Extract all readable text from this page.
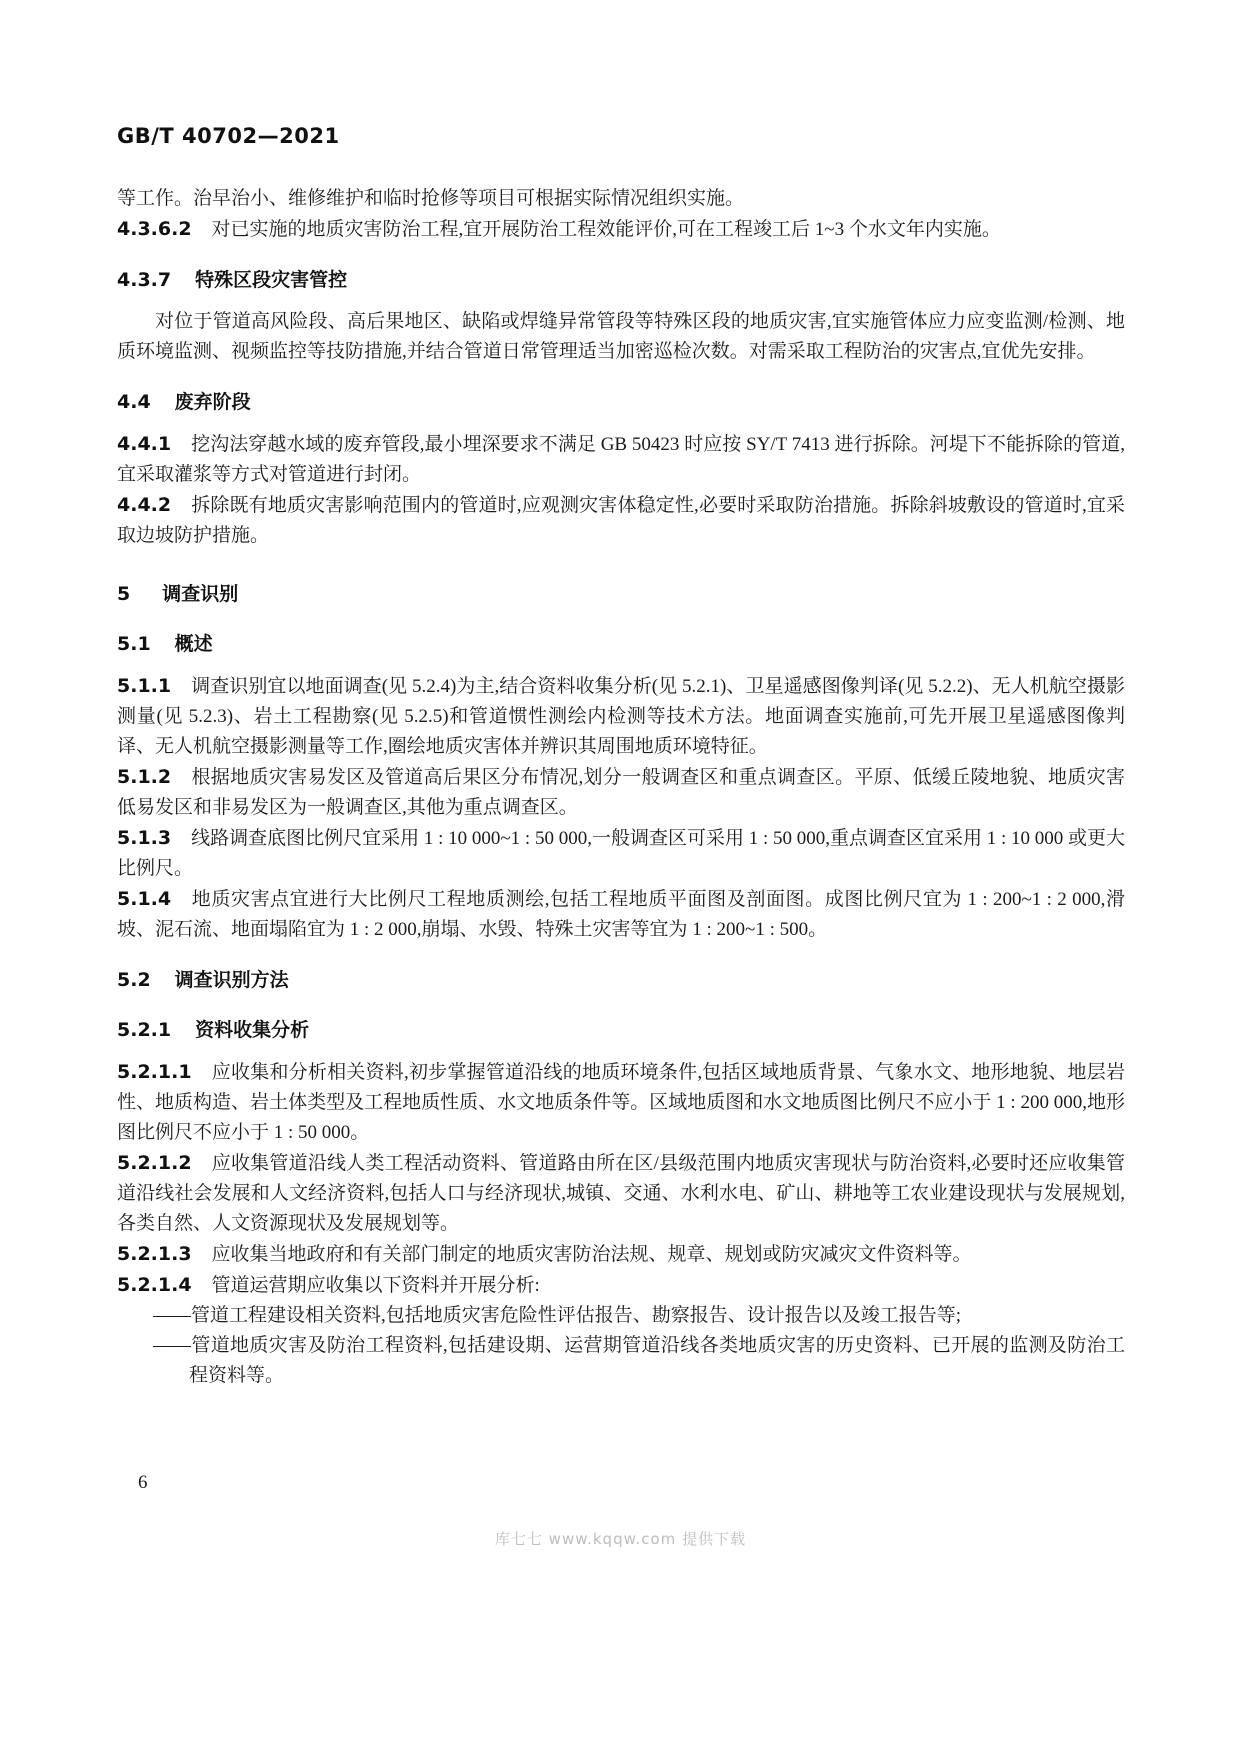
GB/T 40702—2021

等工作。治早治小、维修维护和临时抢修等项目可根据实际情况组织实施。

4.3.6.2 对已实施的地质灾害防治工程,宜开展防治工程效能评价,可在工程竣工后 1~3 个水文年内实施。

4.3.7 特殊区段灾害管控

对位于管道高风险段、高后果地区、缺陷或焊缝异常管段等特殊区段的地质灾害,宜实施管体应力应变监测/检测、地质环境监测、视频监控等技防措施,并结合管道日常管理适当加密巡检次数。对需采取工程防治的灾害点,宜优先安排。

4.4 废弃阶段

4.4.1 挖沟法穿越水域的废弃管段,最小埋深要求不满足 GB 50423 时应按 SY/T 7413 进行拆除。河堤下不能拆除的管道,宜采取灌浆等方式对管道进行封闭。

4.4.2 拆除既有地质灾害影响范围内的管道时,应观测灾害体稳定性,必要时采取防治措施。拆除斜坡敷设的管道时,宜采取边坡防护措施。

5 调查识别
5.1 概述

5.1.1 调查识别宜以地面调查(见 5.2.4)为主,结合资料收集分析(见 5.2.1)、卫星遥感图像判译(见 5.2.2)、无人机航空摄影测量(见 5.2.3)、岩土工程勘察(见 5.2.5)和管道惯性测绘内检测等技术方法。地面调查实施前,可先开展卫星遥感图像判译、无人机航空摄影测量等工作,圈绘地质灾害体并辨识其周围地质环境特征。

5.1.2 根据地质灾害易发区及管道高后果区分布情况,划分一般调查区和重点调查区。平原、低缓丘陵地貌、地质灾害低易发区和非易发区为一般调查区,其他为重点调查区。

5.1.3 线路调查底图比例尺宜采用 1 : 10 000~1 : 50 000,一般调查区可采用 1 : 50 000,重点调查区宜采用 1 : 10 000 或更大比例尺。

5.1.4 地质灾害点宜进行大比例尺工程地质测绘,包括工程地质平面图及剖面图。成图比例尺宜为 1 : 200~1 : 2 000,滑坡、泥石流、地面塌陷宜为 1 : 2 000,崩塌、水毁、特殊土灾害等宜为 1 : 200~1 : 500。

5.2 调查识别方法
5.2.1 资料收集分析

5.2.1.1 应收集和分析相关资料,初步掌握管道沿线的地质环境条件,包括区域地质背景、气象水文、地形地貌、地层岩性、地质构造、岩土体类型及工程地质性质、水文地质条件等。区域地质图和水文地质图比例尺不应小于 1 : 200 000,地形图比例尺不应小于 1 : 50 000。

5.2.1.2 应收集管道沿线人类工程活动资料、管道路由所在区/县级范围内地质灾害现状与防治资料,必要时还应收集管道沿线社会发展和人文经济资料,包括人口与经济现状,城镇、交通、水利水电、矿山、耕地等工农业建设现状与发展规划,各类自然、人文资源现状及发展规划等。

5.2.1.3 应收集当地政府和有关部门制定的地质灾害防治法规、规章、规划或防灾减灾文件资料等。

5.2.1.4 管道运营期应收集以下资料并开展分析:

——管道工程建设相关资料,包括地质灾害危险性评估报告、勘察报告、设计报告以及竣工报告等;

——管道地质灾害及防治工程资料,包括建设期、运营期管道沿线各类地质灾害的历史资料、已开展的监测及防治工程资料等。

6
库七七 www.kqqw.com 提供下载
